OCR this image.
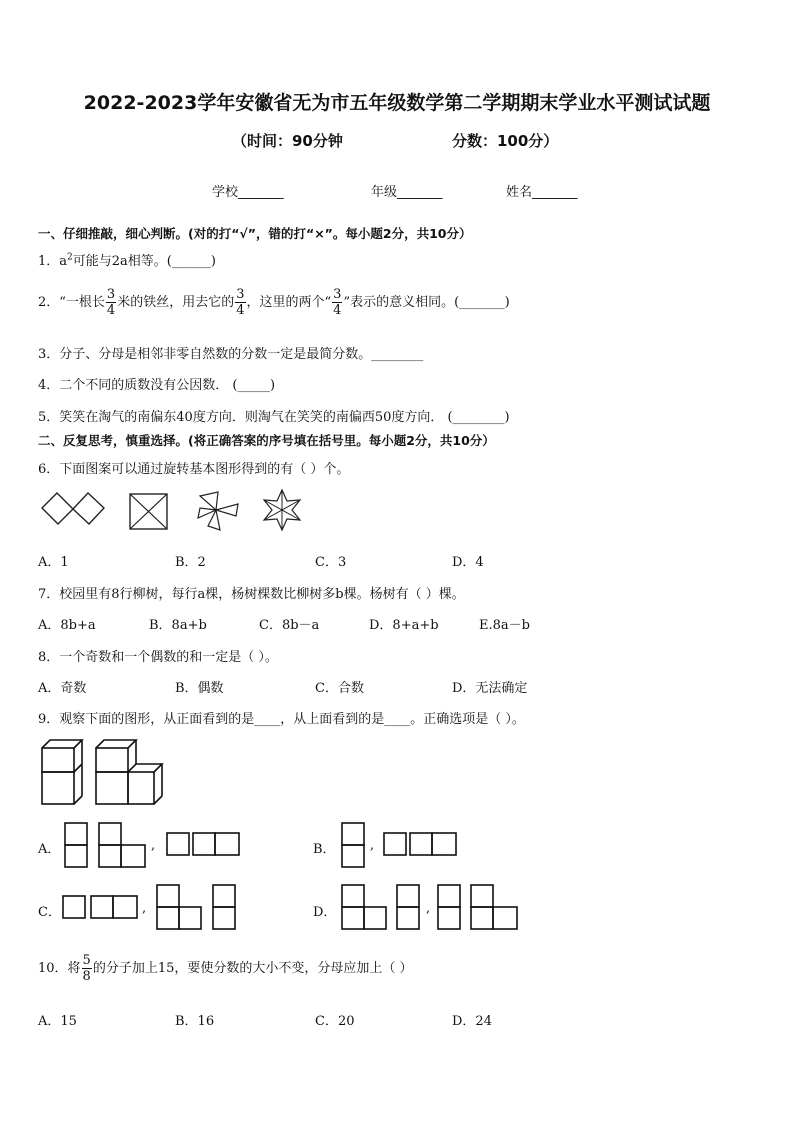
2022-2023学年安徽省无为市五年级数学第二学期期末学业水平测试试题
（时间：90分钟	分数：100分）
学校_______	年级_______	姓名_______
一、仔细推敲，细心判断。(对的打“√”，错的打“×”。每小题2分，共10分）
1．$a^2$可能与2a相等。(______)
2．“一根长 $\frac{3}{4}$ 米的铁丝，用去它的 $\frac{3}{4}$ ，这里的两个“ $\frac{3}{4}$ ”表示的意义相同。(_______)
3．分子、分母是相邻非零自然数的分数一定是最简分数。________
4．二个不同的质数没有公因数． (_____)
5．笑笑在淘气的南偏东40度方向．则淘气在笑笑的南偏西50度方向． (________)
二、反复思考，慎重选择。(将正确答案的序号填在括号里。每小题2分，共10分）
6．下面图案可以通过旋转基本图形得到的有（ ）个。
A．1	B．2	C．3	D．4
7．校园里有8行柳树，每行a棵，杨树棵数比柳树多b棵。杨树有（ ）棵。
A．8b+a	B．8a+b	C．8b－a	D．8+a+b	E.8a－b
8．一个奇数和一个偶数的和一定是（ ）。
A．奇数	B．偶数	C．合数	D．无法确定
9．观察下面的图形，从正面看到的是____，从上面看到的是____。正确选项是（ ）。
A．	,	B．	,
C．	,	D．	,
10．将 $\frac{5}{8}$ 的分子加上15，要使分数的大小不变，分母应加上（ ）
A．15	B．16	C．20	D．24
